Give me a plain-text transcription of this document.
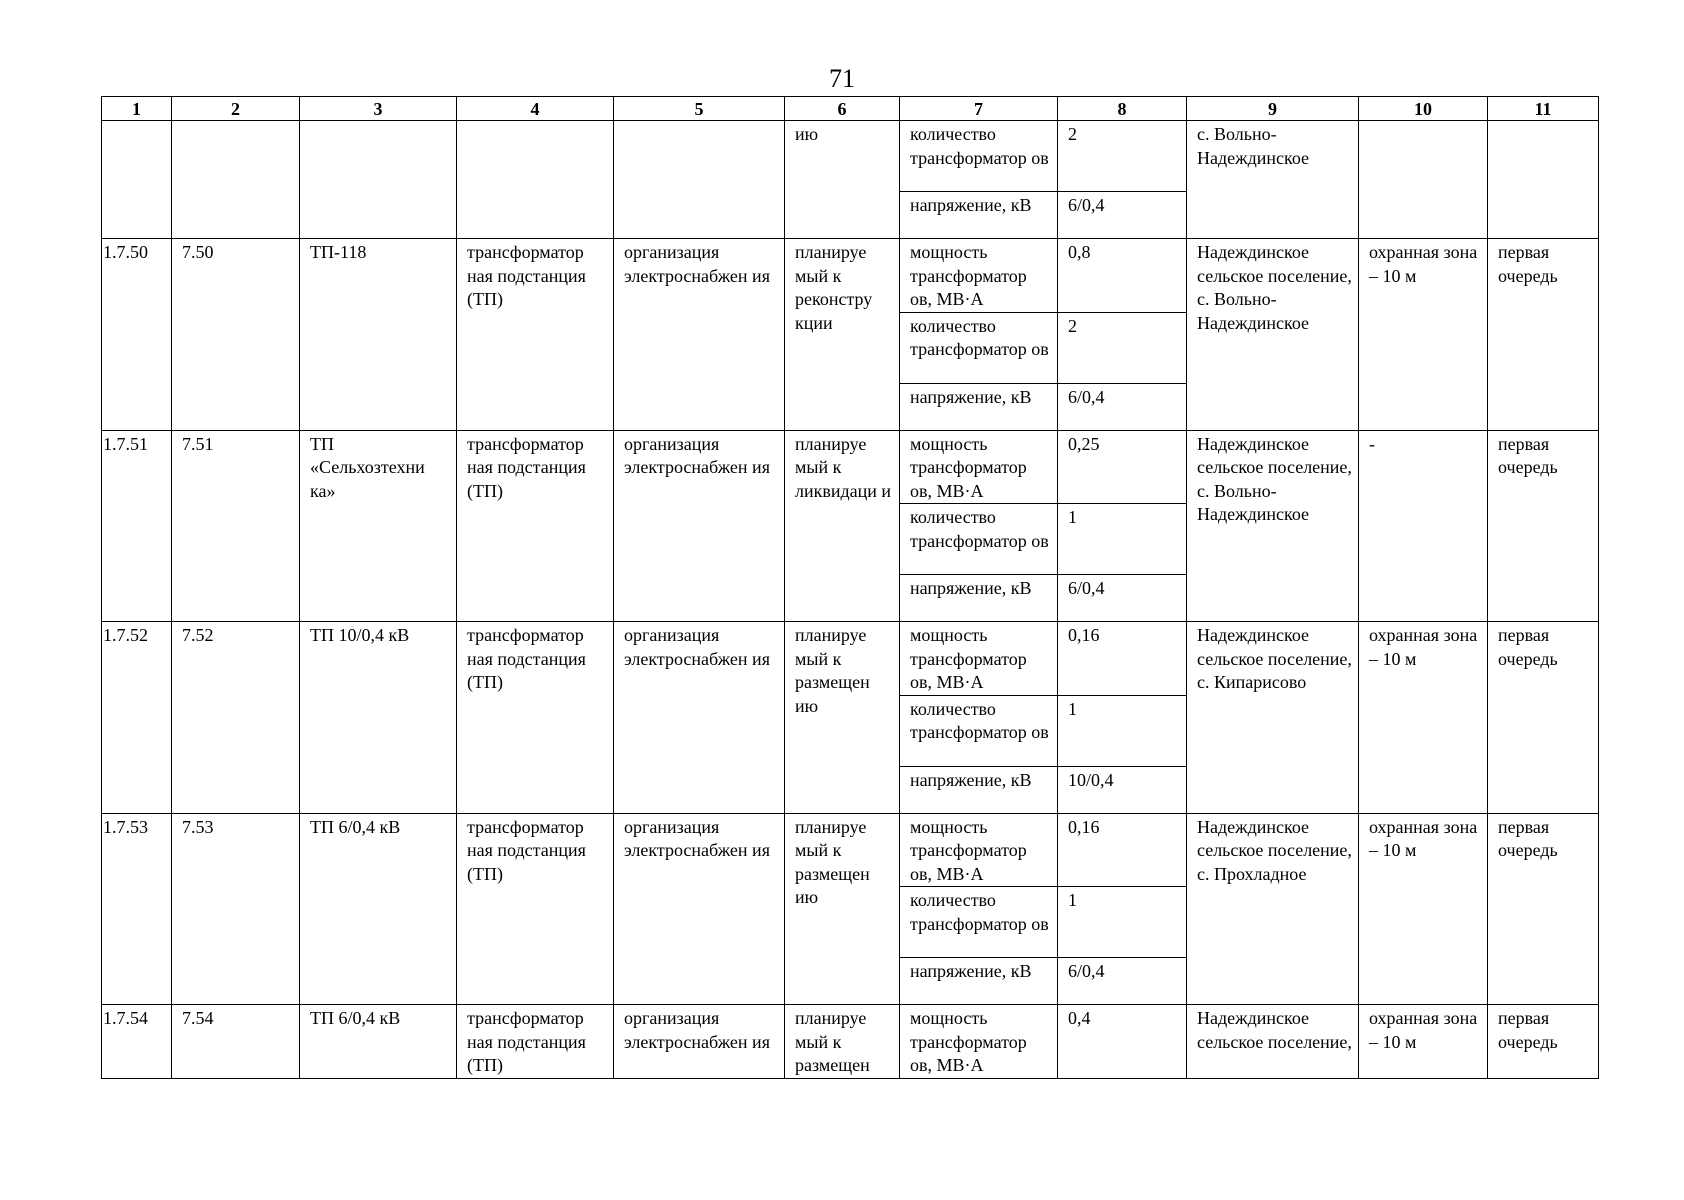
71
1	2	3	4	5	6	7	8	9	10	11
					ию	количество трансформатор ов	2	с. Вольно-Надеждинское		
						напряжение, кВ	6/0,4			
1.7.50	7.50	ТП-118	трансформатор ная подстанция (ТП)	организация электроснабжен ия	планируе мый к реконстру кции	мощность трансформатор ов, МВ·А	0,8	Надеждинское сельское поселение, с. Вольно-Надеждинское	охранная зона – 10 м	первая очередь
						количество трансформатор ов	2			
						напряжение, кВ	6/0,4			
1.7.51	7.51	ТП «Сельхозтехни ка»	трансформатор ная подстанция (ТП)	организация электроснабжен ия	планируе мый к ликвидаци и	мощность трансформатор ов, МВ·А	0,25	Надеждинское сельское поселение, с. Вольно-Надеждинское	-	первая очередь
						количество трансформатор ов	1			
						напряжение, кВ	6/0,4			
1.7.52	7.52	ТП 10/0,4 кВ	трансформатор ная подстанция (ТП)	организация электроснабжен ия	планируе мый к размещен ию	мощность трансформатор ов, МВ·А	0,16	Надеждинское сельское поселение, с. Кипарисово	охранная зона – 10 м	первая очередь
						количество трансформатор ов	1			
						напряжение, кВ	10/0,4			
1.7.53	7.53	ТП 6/0,4 кВ	трансформатор ная подстанция (ТП)	организация электроснабжен ия	планируе мый к размещен ию	мощность трансформатор ов, МВ·А	0,16	Надеждинское сельское поселение, с. Прохладное	охранная зона – 10 м	первая очередь
						количество трансформатор ов	1			
						напряжение, кВ	6/0,4			
1.7.54	7.54	ТП 6/0,4 кВ	трансформатор ная подстанция (ТП)	организация электроснабжен ия	планируе мый к размещен	мощность трансформатор ов, МВ·А	0,4	Надеждинское сельское поселение,	охранная зона – 10 м	первая очередь
